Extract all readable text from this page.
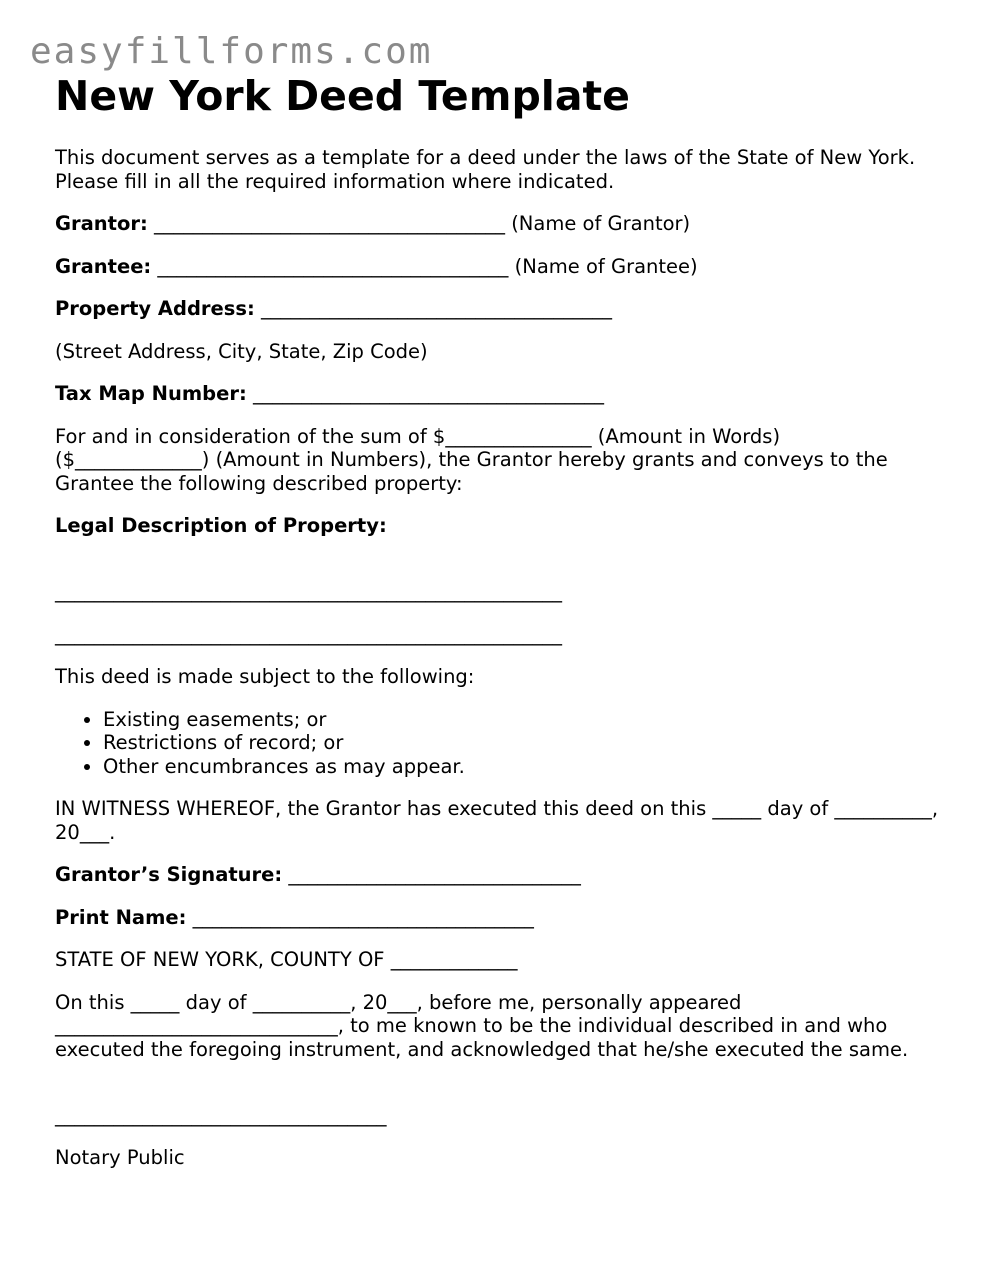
easyfillforms.com
New York Deed Template

This document serves as a template for a deed under the laws of the State of New York.

Please fill in all the required information where indicated.

Grantor: ____________________________________ (Name of Grantor)

Grantee: ____________________________________ (Name of Grantee)

Property Address: ____________________________________

(Street Address, City, State, Zip Code)

Tax Map Number: ____________________________________

For and in consideration of the sum of $_______________ (Amount in Words)

($_____________) (Amount in Numbers), the Grantor hereby grants and conveys to the

Grantee the following described property:

Legal Description of Property:

____________________________________________________

____________________________________________________

This deed is made subject to the following:

• Existing easements; or
• Restrictions of record; or
• Other encumbrances as may appear.

IN WITNESS WHEREOF, the Grantor has executed this deed on this _____ day of __________,

20___.

Grantor’s Signature: ______________________________

Print Name: ___________________________________

STATE OF NEW YORK, COUNTY OF _____________

On this _____ day of __________, 20___, before me, personally appeared

_____________________________, to me known to be the individual described in and who

executed the foregoing instrument, and acknowledged that he/she executed the same.

__________________________________

Notary Public
